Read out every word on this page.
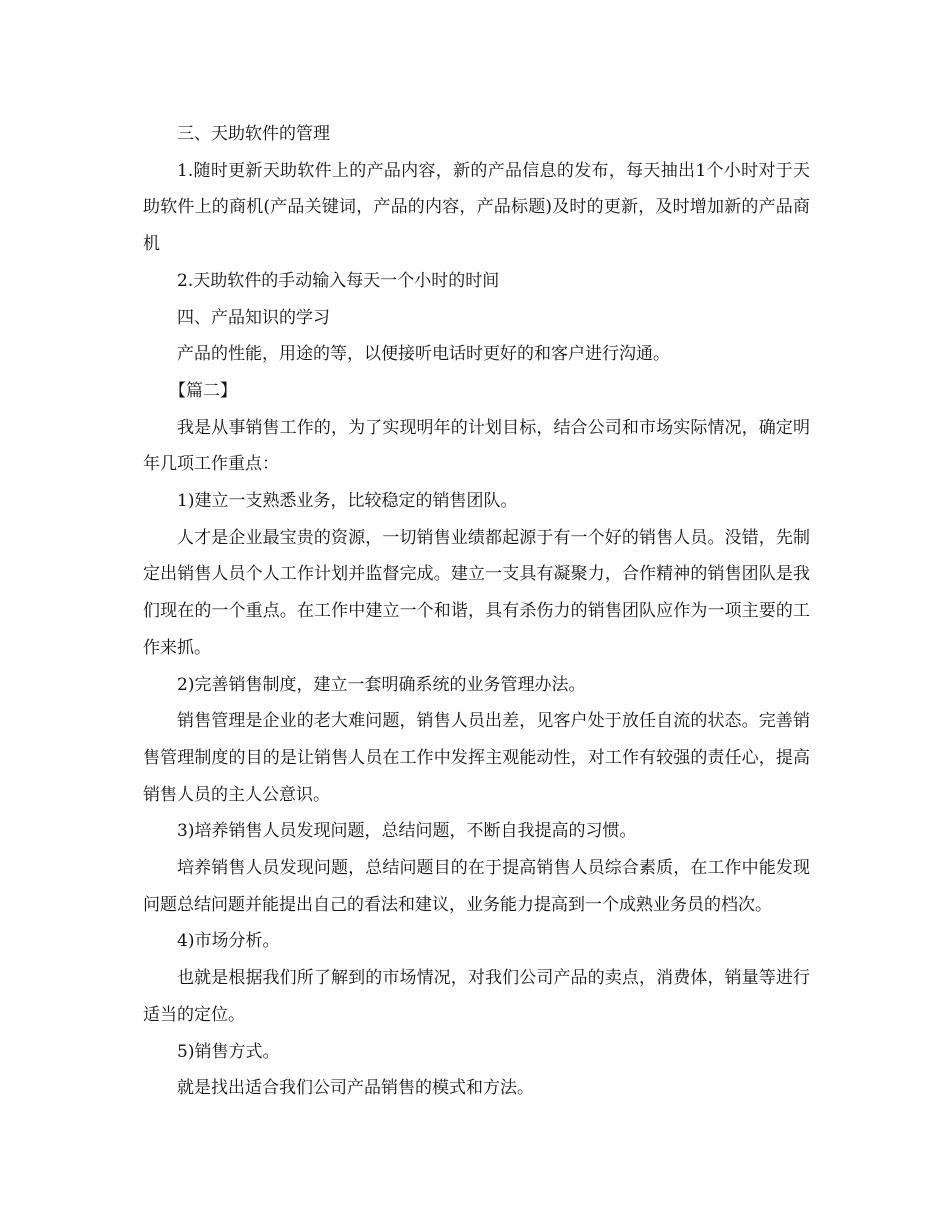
三、天助软件的管理

1.随时更新天助软件上的产品内容，新的产品信息的发布，每天抽出1个小时对于天助软件上的商机(产品关键词，产品的内容，产品标题)及时的更新，及时增加新的产品商机

2.天助软件的手动输入每天一个小时的时间

四、产品知识的学习

产品的性能，用途的等，以便接听电话时更好的和客户进行沟通。

【篇二】

我是从事销售工作的，为了实现明年的计划目标，结合公司和市场实际情况，确定明年几项工作重点：

1)建立一支熟悉业务，比较稳定的销售团队。

人才是企业最宝贵的资源，一切销售业绩都起源于有一个好的销售人员。没错，先制定出销售人员个人工作计划并监督完成。建立一支具有凝聚力，合作精神的销售团队是我们现在的一个重点。在工作中建立一个和谐，具有杀伤力的销售团队应作为一项主要的工作来抓。

2)完善销售制度，建立一套明确系统的业务管理办法。

销售管理是企业的老大难问题，销售人员出差，见客户处于放任自流的状态。完善销售管理制度的目的是让销售人员在工作中发挥主观能动性，对工作有较强的责任心，提高销售人员的主人公意识。

3)培养销售人员发现问题，总结问题，不断自我提高的习惯。

培养销售人员发现问题，总结问题目的在于提高销售人员综合素质，在工作中能发现问题总结问题并能提出自己的看法和建议，业务能力提高到一个成熟业务员的档次。

4)市场分析。

也就是根据我们所了解到的市场情况，对我们公司产品的卖点，消费体，销量等进行适当的定位。

5)销售方式。

就是找出适合我们公司产品销售的模式和方法。
